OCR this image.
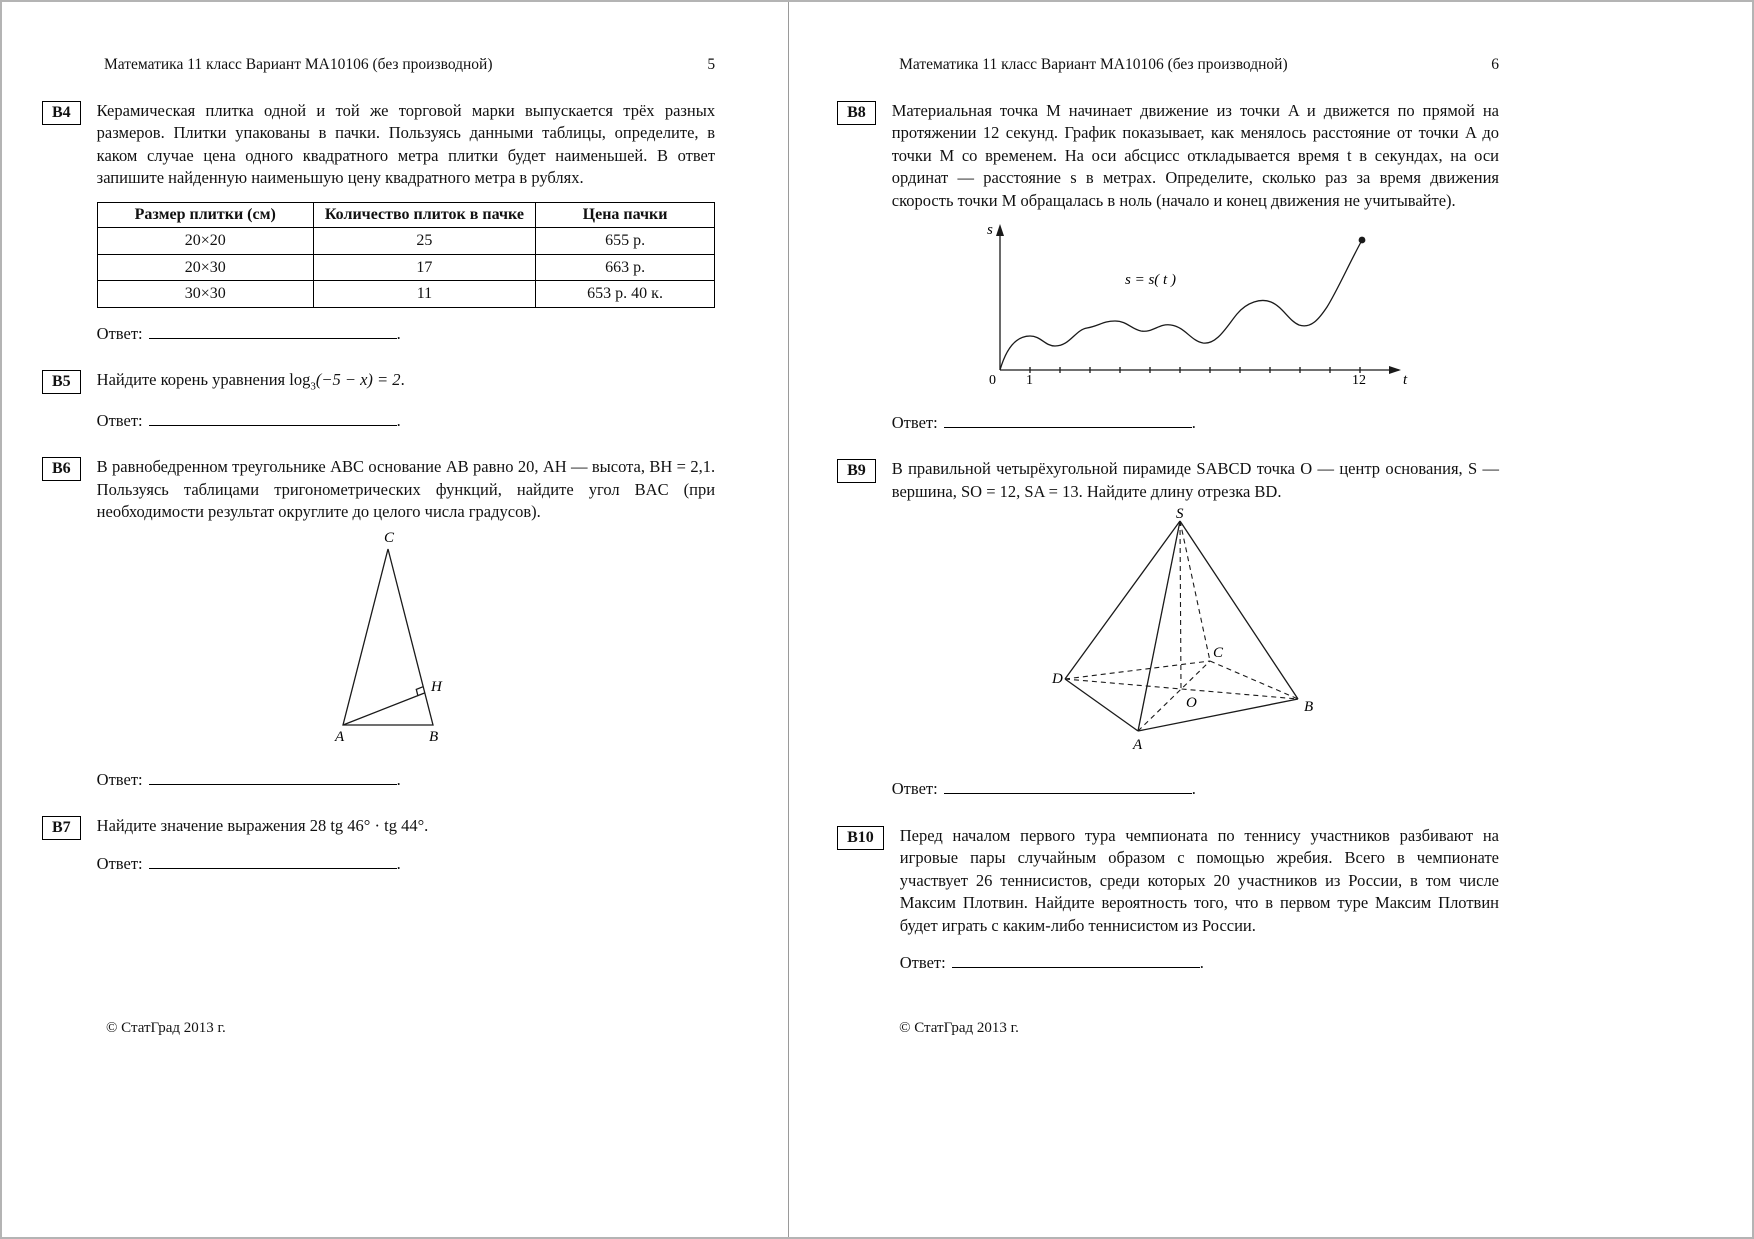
Математика 11 класс Вариант МА10106 (без производной)	5
В4	Керамическая плитка одной и той же торговой марки выпускается трёх разных размеров. Плитки упакованы в пачки. Пользуясь данными таблицы, определите, в каком случае цена одного квадратного метра плитки будет наименьшей. В ответ запишите найденную наименьшую цену квадратного метра в рублях.
Размер плитки (см)	Количество плиток в пачке	Цена пачки
20×20	25	655 р.
20×30	17	663 р.
30×30	11	653 р. 40 к.
Ответ:	.
В5	Найдите корень уравнения $\log_3(-5 - x) = 2$.
Ответ:	.
В6	В равнобедренном треугольнике ABC основание AB равно 20, AH — высота, BH = 2,1. Пользуясь таблицами тригонометрических функций, найдите угол BAC (при необходимости результат округлите до целого числа градусов).
C
A	B
H
Ответ:	.
В7	Найдите значение выражения 28 tg 46° · tg 44°.
Ответ:	.
© СтатГрад 2013 г.
Математика 11 класс Вариант МА10106 (без производной)	6
В8	Материальная точка M начинает движение из точки A и движется по прямой на протяжении 12 секунд. График показывает, как менялось расстояние от точки A до точки M со временем. На оси абсцисс откладывается время t в секундах, на оси ординат — расстояние s в метрах. Определите, сколько раз за время движения скорость точки M обращалась в ноль (начало и конец движения не учитывайте).
s
t
0 1	12
s = s( t )
Ответ:	.
В9	В правильной четырёхугольной пирамиде SABCD точка O — центр основания, S — вершина, SO = 12, SA = 13. Найдите длину отрезка BD.
S
D
A
B
C
O
Ответ:	.
В10	Перед началом первого тура чемпионата по теннису участников разбивают на игровые пары случайным образом с помощью жребия. Всего в чемпионате участвует 26 теннисистов, среди которых 20 участников из России, в том числе Максим Плотвин. Найдите вероятность того, что в первом туре Максим Плотвин будет играть с каким-либо теннисистом из России.
Ответ:	.
© СтатГрад 2013 г.
